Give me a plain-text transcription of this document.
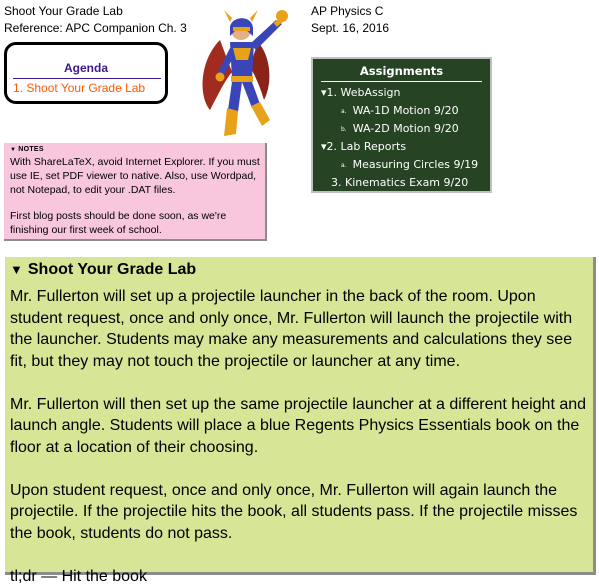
Shoot Your Grade Lab
Reference: APC Companion Ch. 3
AP Physics C
Sept. 16, 2016
Agenda
1. Shoot Your Grade Lab
▼ NOTES

With ShareLaTeX, avoid Internet Explorer. If you must use IE, set PDF viewer to native. Also, use Wordpad, not Notepad, to edit your .DAT files.

First blog posts should be done soon, as we're finishing our first week of school.

Assignments
▾1. WebAssign
a. WA-1D Motion 9/20
b. WA-2D Motion 9/20
▾2. Lab Reports
a. Measuring Circles 9/19
3. Kinematics Exam 9/20
▼ Shoot Your Grade Lab

Mr. Fullerton will set up a projectile launcher in the back of the room. Upon student request, once and only once, Mr. Fullerton will launch the projectile with the launcher. Students may make any measurements and calculations they see fit, but they may not touch the projectile or launcher at any time.

Mr. Fullerton will then set up the same projectile launcher at a different height and launch angle. Students will place a blue Regents Physics Essentials book on the floor at a location of their choosing.

Upon student request, once and only once, Mr. Fullerton will again launch the projectile. If the projectile hits the book, all students pass. If the projectile misses the book, students do not pass.

tl;dr — Hit the book
